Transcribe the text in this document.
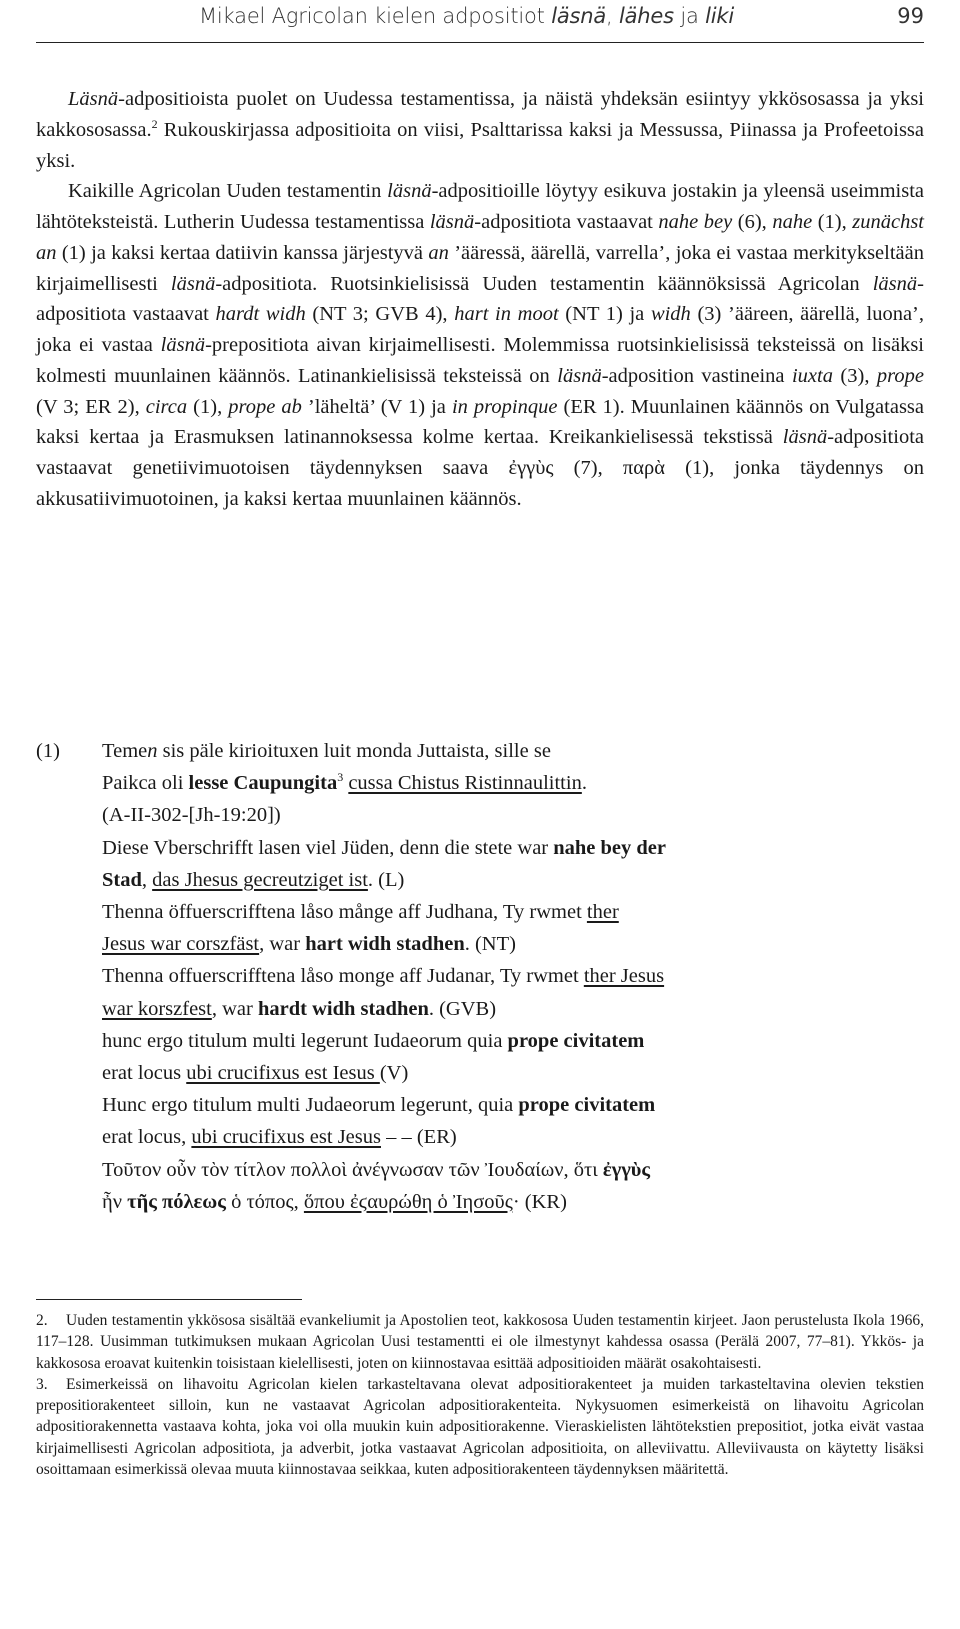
Mikael Agricolan kielen adpositiot läsnä, lähes ja liki	99

Läsnä-adpositioista puolet on Uudessa testamentissa, ja näistä yhdeksän esiintyy ykkösosassa ja yksi kakkososassa.$^2$ Rukouskirjassa adpositioita on viisi, Psalttarissa kaksi ja Messussa, Piinassa ja Profeetoissa yksi.

Kaikille Agricolan Uuden testamentin läsnä-adpositioille löytyy esikuva jostakin ja yleensä useimmista lähtöteksteistä. Lutherin Uudessa testamentissa läsnä-adpositiota vastaavat nahe bey (6), nahe (1), zunächst an (1) ja kaksi kertaa datiivin kanssa järjestyvä an ’ääressä, äärellä, varrella’, joka ei vastaa merkitykseltään kirjaimellisesti läsnä-adpositiota. Ruotsinkielisissä Uuden testamentin käännöksissä Agricolan läsnä-adpositiota vastaavat hardt widh (NT 3; GVB 4), hart in moot (NT 1) ja widh (3) ’ääreen, äärellä, luona’, joka ei vastaa läsnä-prepositiota aivan kirjaimellisesti. Molemmissa ruotsinkielisissä teksteissä on lisäksi kolmesti muunlainen käännös. Latinankielisissä teksteissä on läsnä-adposition vastineina iuxta (3), prope (V 3; ER 2), circa (1), prope ab ’läheltä’ (V 1) ja in propinque (ER 1). Muunlainen käännös on Vulgatassa kaksi kertaa ja Erasmuksen latinannoksessa kolme kertaa. Kreikankielisessä tekstissä läsnä-adpositiota vastaavat genetiivimuotoisen täydennyksen saava ἐγγὺς (7), παρὰ (1), jonka täydennys on akkusatiivimuotoinen, ja kaksi kertaa muunlainen käännös.

(1) Temen sis päle kirioituxen luit monda Juttaista, sille se
Paikca oli lesse Caupungita$^3$ cussa Chistus Ristinnaulittin.
(A-II-302-[Jh-19:20])
Diese Vberschrifft lasen viel Jüden, denn die stete war nahe bey der
Stad, das Jhesus gecreutziget ist. (L)
Thenna öffuerscrifftena låso månge aff Judhana, Ty rwmet ther
Jesus war corszfäst, war hart widh stadhen. (NT)
Thenna offuerscrifftena låso monge aff Judanar, Ty rwmet ther Jesus
war korszfest, war hardt widh stadhen. (GVB)
hunc ergo titulum multi legerunt Iudaeorum quia prope civitatem
erat locus ubi crucifixus est Iesus (V)
Hunc ergo titulum multi Judaeorum legerunt, quia prope civitatem
erat locus, ubi crucifixus est Jesus – – (ER)
Τοῦτον οὖν τὸν τίτλον πολλοὶ ἀνέγνωσαν τῶν Ἰουδαίων, ὅτι ἐγγὺς
ἦν τῆς πόλεως ὁ τόπος, ὅπου ἐϛαυρώθη ὁ Ἰησοῦς· (KR)

2. Uuden testamentin ykkösosa sisältää evankeliumit ja Apostolien teot, kakkososa Uuden testamentin kirjeet. Jaon perustelusta Ikola 1966, 117–128. Uusimman tutkimuksen mukaan Agricolan Uusi testamentti ei ole ilmestynyt kahdessa osassa (Perälä 2007, 77–81). Ykkös- ja kakkososa eroavat kuitenkin toisistaan kielellisesti, joten on kiinnostavaa esittää adpositioiden määrät osakohtaisesti.

3. Esimerkeissä on lihavoitu Agricolan kielen tarkasteltavana olevat adpositiorakenteet ja muiden tarkasteltavina olevien tekstien prepositiorakenteet silloin, kun ne vastaavat Agricolan adpositiorakenteita. Nykysuomen esimerkeistä on lihavoitu Agricolan adpositiorakennetta vastaava kohta, joka voi olla muukin kuin adpositiorakenne. Vieraskielisten lähtötekstien prepositiot, jotka eivät vastaa kirjaimellisesti Agricolan adpositiota, ja adverbit, jotka vastaavat Agricolan adpositioita, on alleviivattu. Alleviivausta on käytetty lisäksi osoittamaan esimerkissä olevaa muuta kiinnostavaa seikkaa, kuten adpositiorakenteen täydennyksen määritettä.
